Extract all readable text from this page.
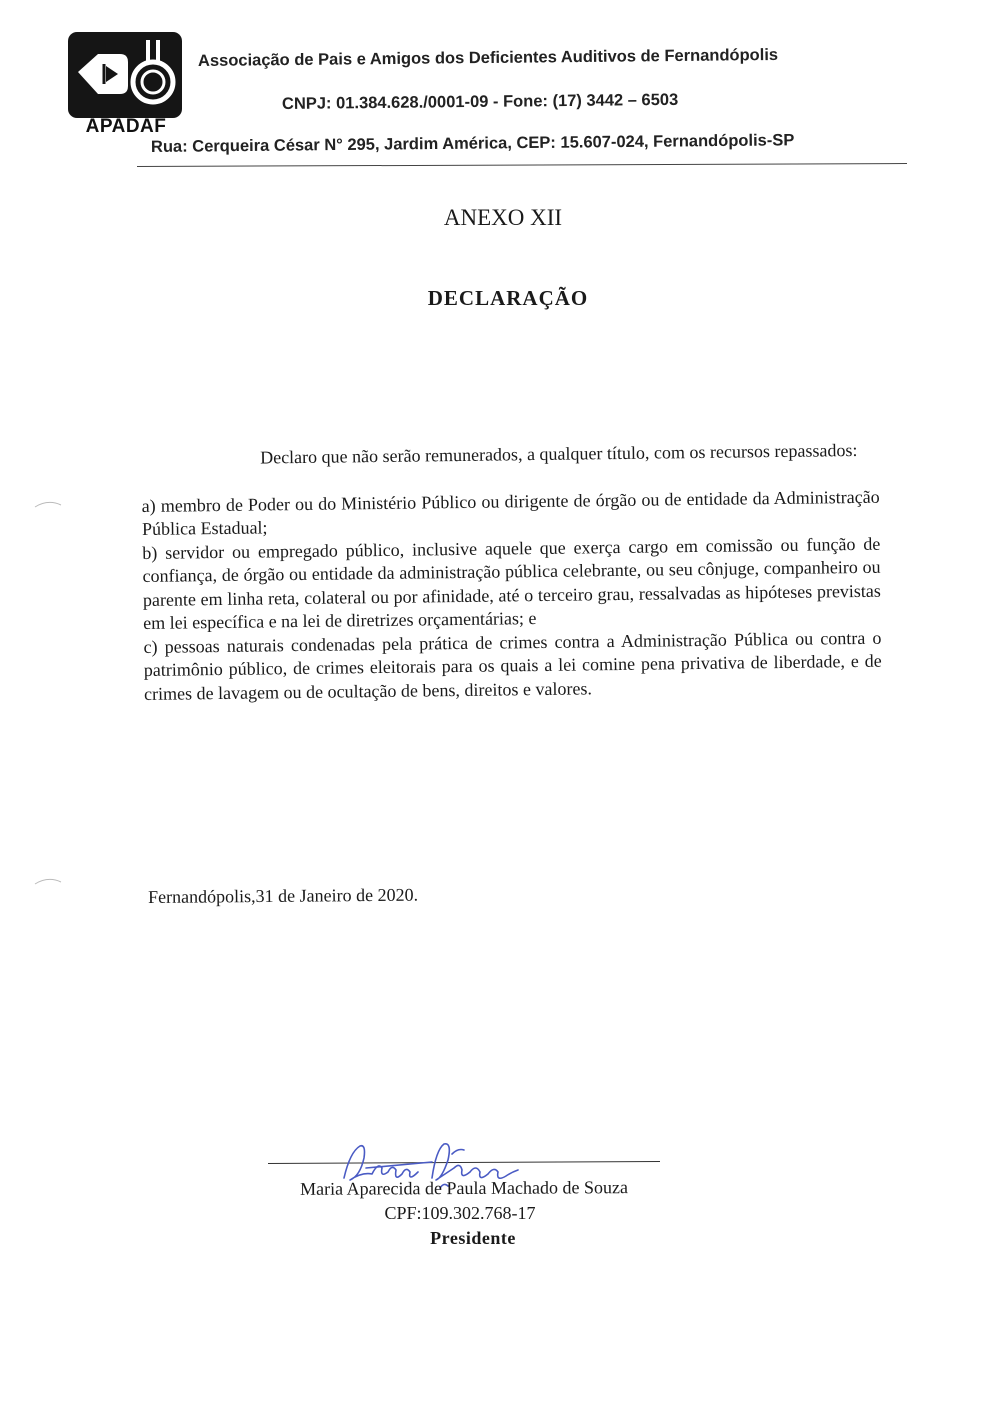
APADAF
Associação de Pais e Amigos dos Deficientes Auditivos de Fernandópolis
CNPJ: 01.384.628./0001-09 - Fone: (17) 3442 – 6503
Rua: Cerqueira César N° 295, Jardim América, CEP: 15.607-024, Fernandópolis-SP
ANEXO XII
DECLARAÇÃO

Declaro que não serão remunerados, a qualquer título, com os recursos repassados:

a) membro de Poder ou do Ministério Público ou dirigente de órgão ou de entidade da Administração Pública Estadual;

b) servidor ou empregado público, inclusive aquele que exerça cargo em comissão ou função de confiança, de órgão ou entidade da administração pública celebrante, ou seu cônjuge, companheiro ou parente em linha reta, colateral ou por afinidade, até o terceiro grau, ressalvadas as hipóteses previstas em lei específica e na lei de diretrizes orçamentárias; e

c) pessoas naturais condenadas pela prática de crimes contra a Administração Pública ou contra o patrimônio público, de crimes eleitorais para os quais a lei comine pena privativa de liberdade, e de crimes de lavagem ou de ocultação de bens, direitos e valores.

Fernandópolis,31 de Janeiro de 2020.
Maria Aparecida de Paula Machado de Souza
CPF:109.302.768-17
Presidente
